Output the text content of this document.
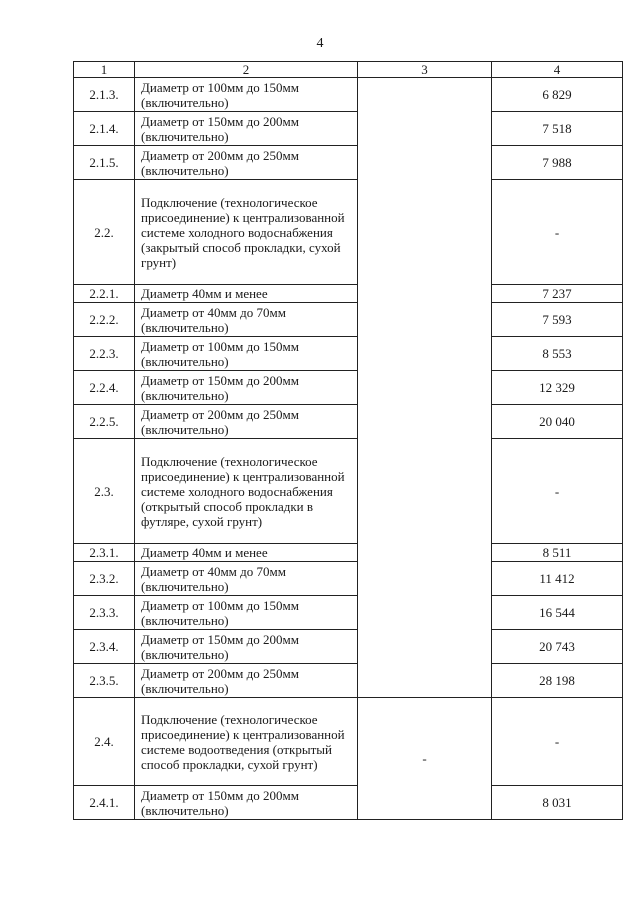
4
1	2	3	4
2.1.3.	Диаметр от 100мм до 150мм (включительно)		6 829
2.1.4.	Диаметр от 150мм до 200мм (включительно)		7 518
2.1.5.	Диаметр от 200мм до 250мм (включительно)		7 988
2.2.	Подключение (технологическое присоединение) к централизованной системе холодного водоснабжения (закрытый способ прокладки, сухой грунт)		-
2.2.1.	Диаметр 40мм и менее		7 237
2.2.2.	Диаметр от 40мм до 70мм (включительно)		7 593
2.2.3.	Диаметр от 100мм до 150мм (включительно)		8 553
2.2.4.	Диаметр от 150мм до 200мм (включительно)		12 329
2.2.5.	Диаметр от 200мм до 250мм (включительно)		20 040
2.3.	Подключение (технологическое присоединение) к централизованной системе холодного водоснабжения (открытый способ прокладки в футляре, сухой грунт)		-
2.3.1.	Диаметр 40мм и менее		8 511
2.3.2.	Диаметр от 40мм до 70мм (включительно)		11 412
2.3.3.	Диаметр от 100мм до 150мм (включительно)		16 544
2.3.4.	Диаметр от 150мм до 200мм (включительно)		20 743
2.3.5.	Диаметр от 200мм до 250мм (включительно)		28 198
2.4.	Подключение (технологическое присоединение) к централизованной системе водоотведения (открытый способ прокладки, сухой грунт)	-	-
2.4.1.	Диаметр от 150мм до 200мм (включительно)		8 031
